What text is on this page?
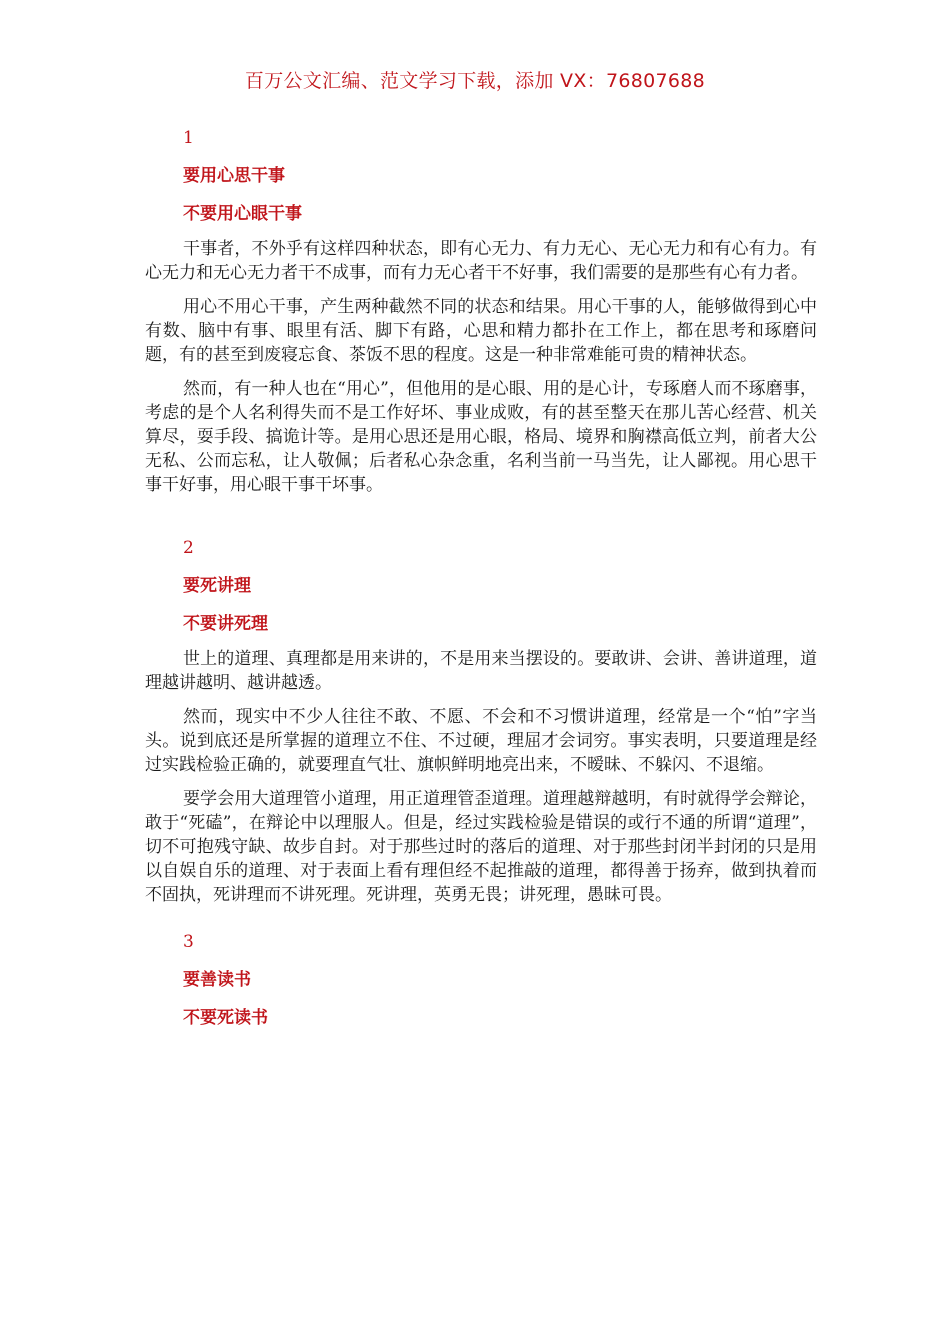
百万公文汇编、范文学习下载，添加 VX：76807688
1
要用心思干事
不要用心眼干事

干事者，不外乎有这样四种状态，即有心无力、有力无心、无心无力和有心有力。有心无力和无心无力者干不成事，而有力无心者干不好事，我们需要的是那些有心有力者。

用心不用心干事，产生两种截然不同的状态和结果。用心干事的人，能够做得到心中有数、脑中有事、眼里有活、脚下有路，心思和精力都扑在工作上，都在思考和琢磨问题，有的甚至到废寝忘食、茶饭不思的程度。这是一种非常难能可贵的精神状态。

然而，有一种人也在“用心”，但他用的是心眼、用的是心计，专琢磨人而不琢磨事，考虑的是个人名利得失而不是工作好坏、事业成败，有的甚至整天在那儿苦心经营、机关算尽，耍手段、搞诡计等。是用心思还是用心眼，格局、境界和胸襟高低立判，前者大公无私、公而忘私，让人敬佩；后者私心杂念重，名利当前一马当先，让人鄙视。用心思干事干好事，用心眼干事干坏事。

2
要死讲理
不要讲死理

世上的道理、真理都是用来讲的，不是用来当摆设的。要敢讲、会讲、善讲道理，道理越讲越明、越讲越透。

然而，现实中不少人往往不敢、不愿、不会和不习惯讲道理，经常是一个“怕”字当头。说到底还是所掌握的道理立不住、不过硬，理屈才会词穷。事实表明，只要道理是经过实践检验正确的，就要理直气壮、旗帜鲜明地亮出来，不暧昧、不躲闪、不退缩。

要学会用大道理管小道理，用正道理管歪道理。道理越辩越明，有时就得学会辩论，敢于“死磕”，在辩论中以理服人。但是，经过实践检验是错误的或行不通的所谓“道理”，切不可抱残守缺、故步自封。对于那些过时的落后的道理、对于那些封闭半封闭的只是用以自娱自乐的道理、对于表面上看有理但经不起推敲的道理，都得善于扬弃，做到执着而不固执，死讲理而不讲死理。死讲理，英勇无畏；讲死理，愚昧可畏。

3
要善读书
不要死读书
